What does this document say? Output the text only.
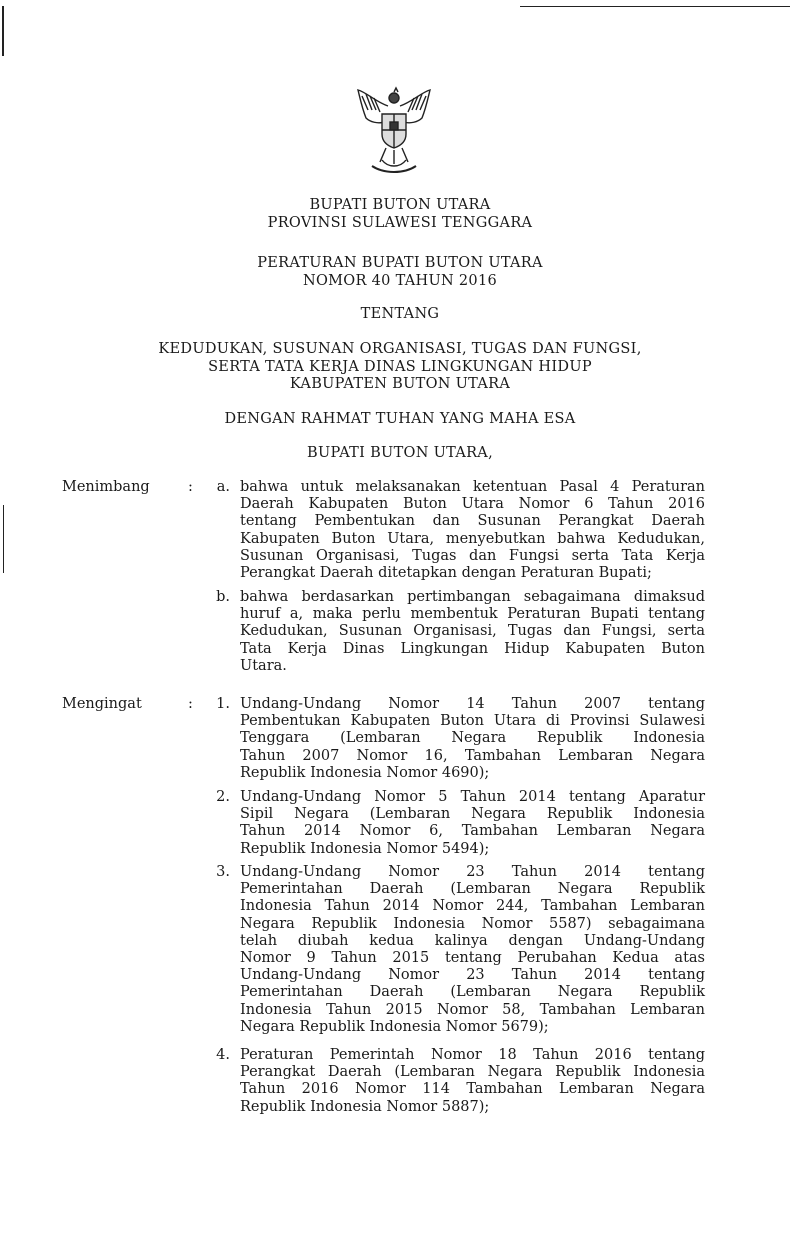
BUPATI BUTON UTARA
PROVINSI SULAWESI TENGGARA
PERATURAN BUPATI BUTON UTARA
NOMOR 40 TAHUN 2016
TENTANG
KEDUDUKAN, SUSUNAN ORGANISASI, TUGAS DAN FUNGSI,
SERTA TATA KERJA DINAS LINGKUNGAN HIDUP
KABUPATEN BUTON UTARA
DENGAN RAHMAT TUHAN YANG MAHA ESA
BUPATI BUTON UTARA,
Menimbang	:	a. bahwa untuk melaksanakan ketentuan Pasal 4 Peraturan
Daerah Kabupaten Buton Utara Nomor 6 Tahun 2016
tentang Pembentukan dan Susunan Perangkat Daerah
Kabupaten Buton Utara, menyebutkan bahwa Kedudukan,
Susunan Organisasi, Tugas dan Fungsi serta Tata Kerja
Perangkat Daerah ditetapkan dengan Peraturan Bupati;
b. bahwa berdasarkan pertimbangan sebagaimana dimaksud
huruf a, maka perlu membentuk Peraturan Bupati tentang
Kedudukan, Susunan Organisasi, Tugas dan Fungsi, serta
Tata Kerja Dinas Lingkungan Hidup Kabupaten Buton
Utara.
Mengingat	:	1. Undang-Undang Nomor 14 Tahun 2007 tentang
Pembentukan Kabupaten Buton Utara di Provinsi Sulawesi
Tenggara (Lembaran Negara Republik Indonesia
Tahun 2007 Nomor 16, Tambahan Lembaran Negara
Republik Indonesia Nomor 4690);
2. Undang-Undang Nomor 5 Tahun 2014 tentang Aparatur
Sipil Negara (Lembaran Negara Republik Indonesia
Tahun 2014 Nomor 6, Tambahan Lembaran Negara
Republik Indonesia Nomor 5494);
3. Undang-Undang Nomor 23 Tahun 2014 tentang
Pemerintahan Daerah (Lembaran Negara Republik
Indonesia Tahun 2014 Nomor 244, Tambahan Lembaran
Negara Republik Indonesia Nomor 5587) sebagaimana
telah diubah kedua kalinya dengan Undang-Undang
Nomor 9 Tahun 2015 tentang Perubahan Kedua atas
Undang-Undang Nomor 23 Tahun 2014 tentang
Pemerintahan Daerah (Lembaran Negara Republik
Indonesia Tahun 2015 Nomor 58, Tambahan Lembaran
Negara Republik Indonesia Nomor 5679);
4. Peraturan Pemerintah Nomor 18 Tahun 2016 tentang
Perangkat Daerah (Lembaran Negara Republik Indonesia
Tahun 2016 Nomor 114 Tambahan Lembaran Negara
Republik Indonesia Nomor 5887);
